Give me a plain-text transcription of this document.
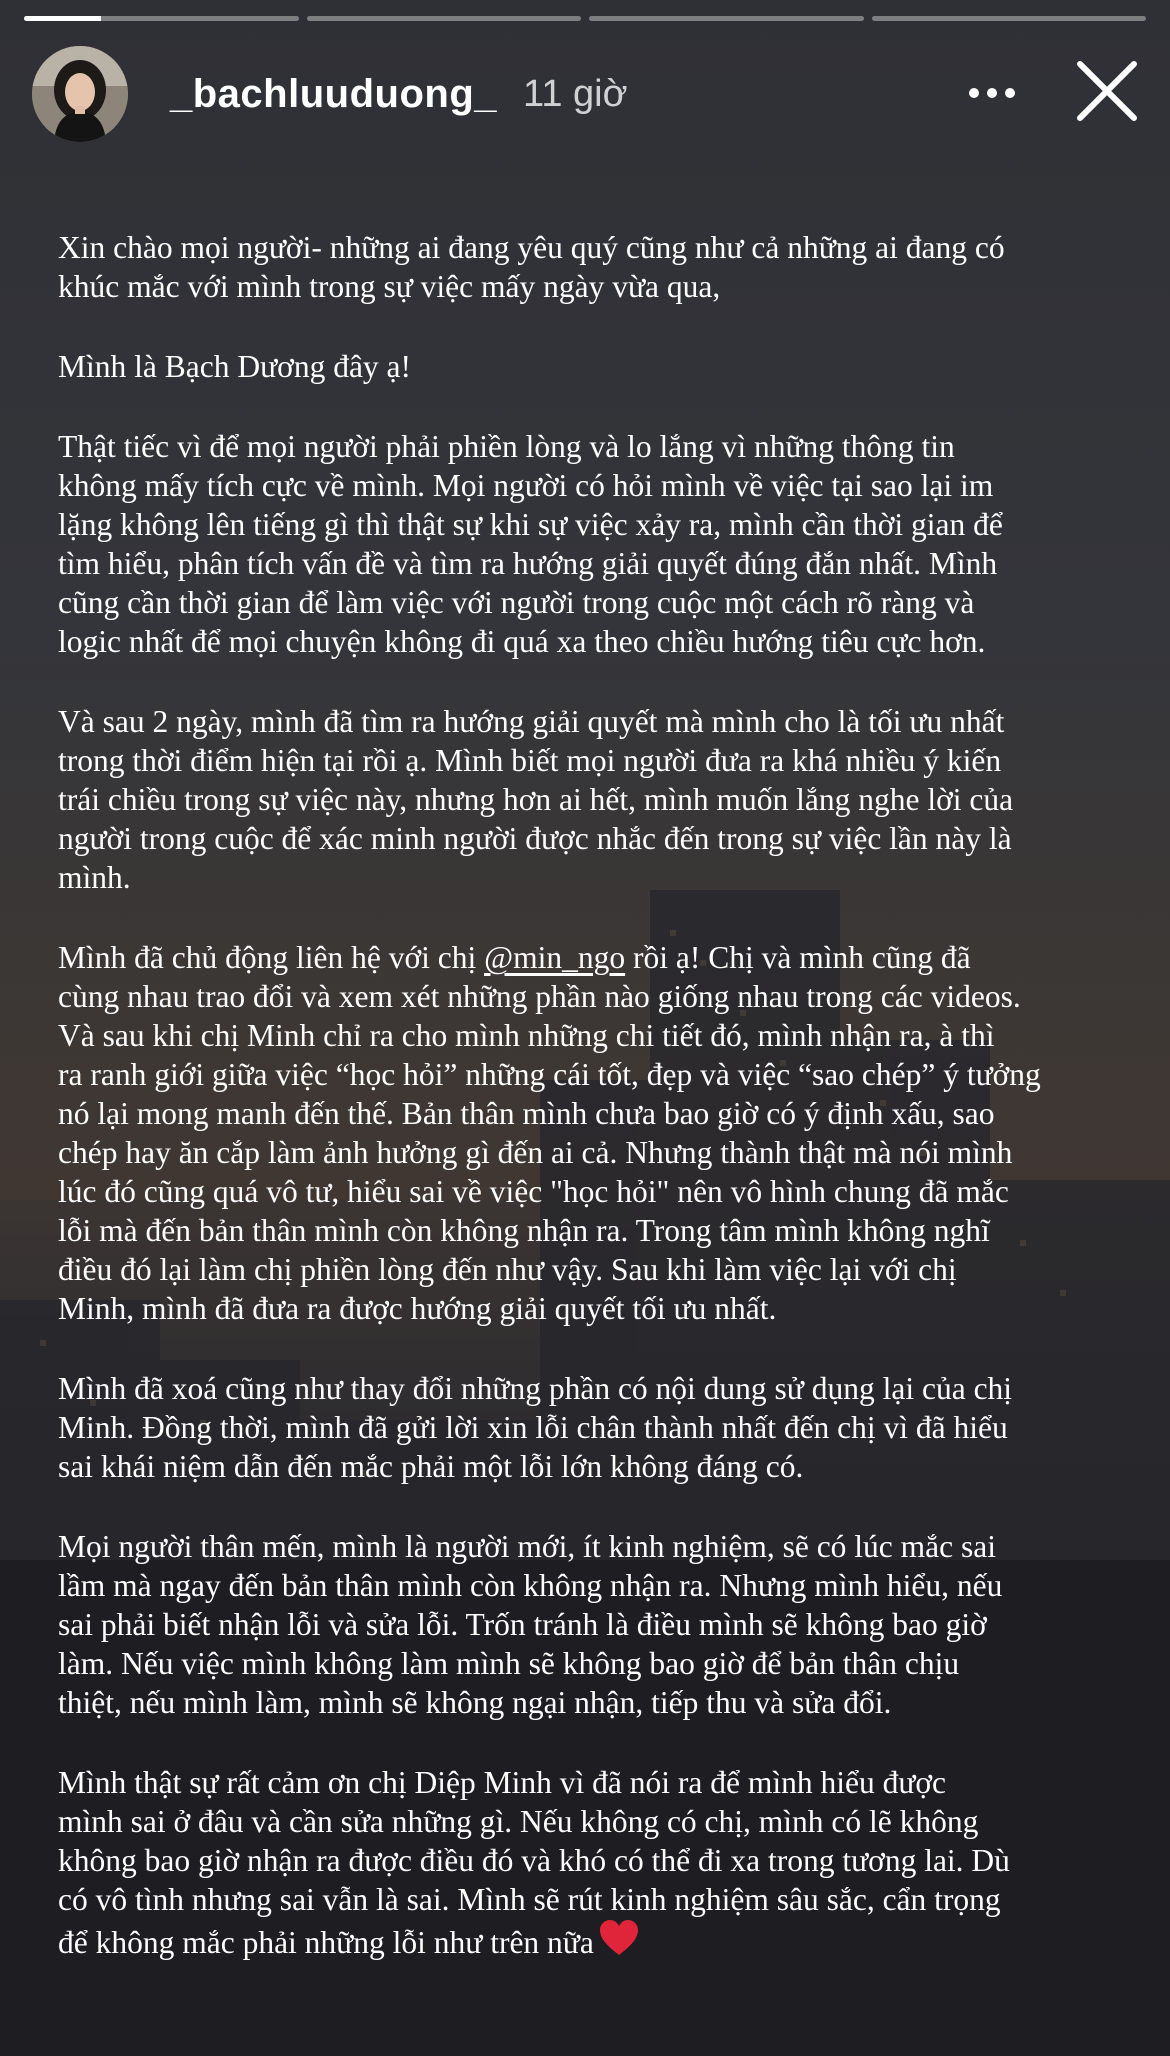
_bachluuduong_ 11 giờ

Xin chào mọi người- những ai đang yêu quý cũng như cả những ai đang có
khúc mắc với mình trong sự việc mấy ngày vừa qua,

Mình là Bạch Dương đây ạ!

Thật tiếc vì để mọi người phải phiền lòng và lo lắng vì những thông tin
không mấy tích cực về mình. Mọi người có hỏi mình về việc tại sao lại im
lặng không lên tiếng gì thì thật sự khi sự việc xảy ra, mình cần thời gian để
tìm hiểu, phân tích vấn đề và tìm ra hướng giải quyết đúng đắn nhất. Mình
cũng cần thời gian để làm việc với người trong cuộc một cách rõ ràng và
logic nhất để mọi chuyện không đi quá xa theo chiều hướng tiêu cực hơn.

Và sau 2 ngày, mình đã tìm ra hướng giải quyết mà mình cho là tối ưu nhất
trong thời điểm hiện tại rồi ạ. Mình biết mọi người đưa ra khá nhiều ý kiến
trái chiều trong sự việc này, nhưng hơn ai hết, mình muốn lắng nghe lời của
người trong cuộc để xác minh người được nhắc đến trong sự việc lần này là
mình.

Mình đã chủ động liên hệ với chị @min_ngo rồi ạ! Chị và mình cũng đã
cùng nhau trao đổi và xem xét những phần nào giống nhau trong các videos.
Và sau khi chị Minh chỉ ra cho mình những chi tiết đó, mình nhận ra, à thì
ra ranh giới giữa việc “học hỏi” những cái tốt, đẹp và việc “sao chép” ý tưởng
nó lại mong manh đến thế. Bản thân mình chưa bao giờ có ý định xấu, sao
chép hay ăn cắp làm ảnh hưởng gì đến ai cả. Nhưng thành thật mà nói mình
lúc đó cũng quá vô tư, hiểu sai về việc "học hỏi" nên vô hình chung đã mắc
lỗi mà đến bản thân mình còn không nhận ra. Trong tâm mình không nghĩ
điều đó lại làm chị phiền lòng đến như vậy. Sau khi làm việc lại với chị
Minh, mình đã đưa ra được hướng giải quyết tối ưu nhất.

Mình đã xoá cũng như thay đổi những phần có nội dung sử dụng lại của chị
Minh. Đồng thời, mình đã gửi lời xin lỗi chân thành nhất đến chị vì đã hiểu
sai khái niệm dẫn đến mắc phải một lỗi lớn không đáng có.

Mọi người thân mến, mình là người mới, ít kinh nghiệm, sẽ có lúc mắc sai
lầm mà ngay đến bản thân mình còn không nhận ra. Nhưng mình hiểu, nếu
sai phải biết nhận lỗi và sửa lỗi. Trốn tránh là điều mình sẽ không bao giờ
làm. Nếu việc mình không làm mình sẽ không bao giờ để bản thân chịu
thiệt, nếu mình làm, mình sẽ không ngại nhận, tiếp thu và sửa đổi.

Mình thật sự rất cảm ơn chị Diệp Minh vì đã nói ra để mình hiểu được
mình sai ở đâu và cần sửa những gì. Nếu không có chị, mình có lẽ không
không bao giờ nhận ra được điều đó và khó có thể đi xa trong tương lai. Dù
có vô tình nhưng sai vẫn là sai. Mình sẽ rút kinh nghiệm sâu sắc, cẩn trọng
để không mắc phải những lỗi như trên nữa
